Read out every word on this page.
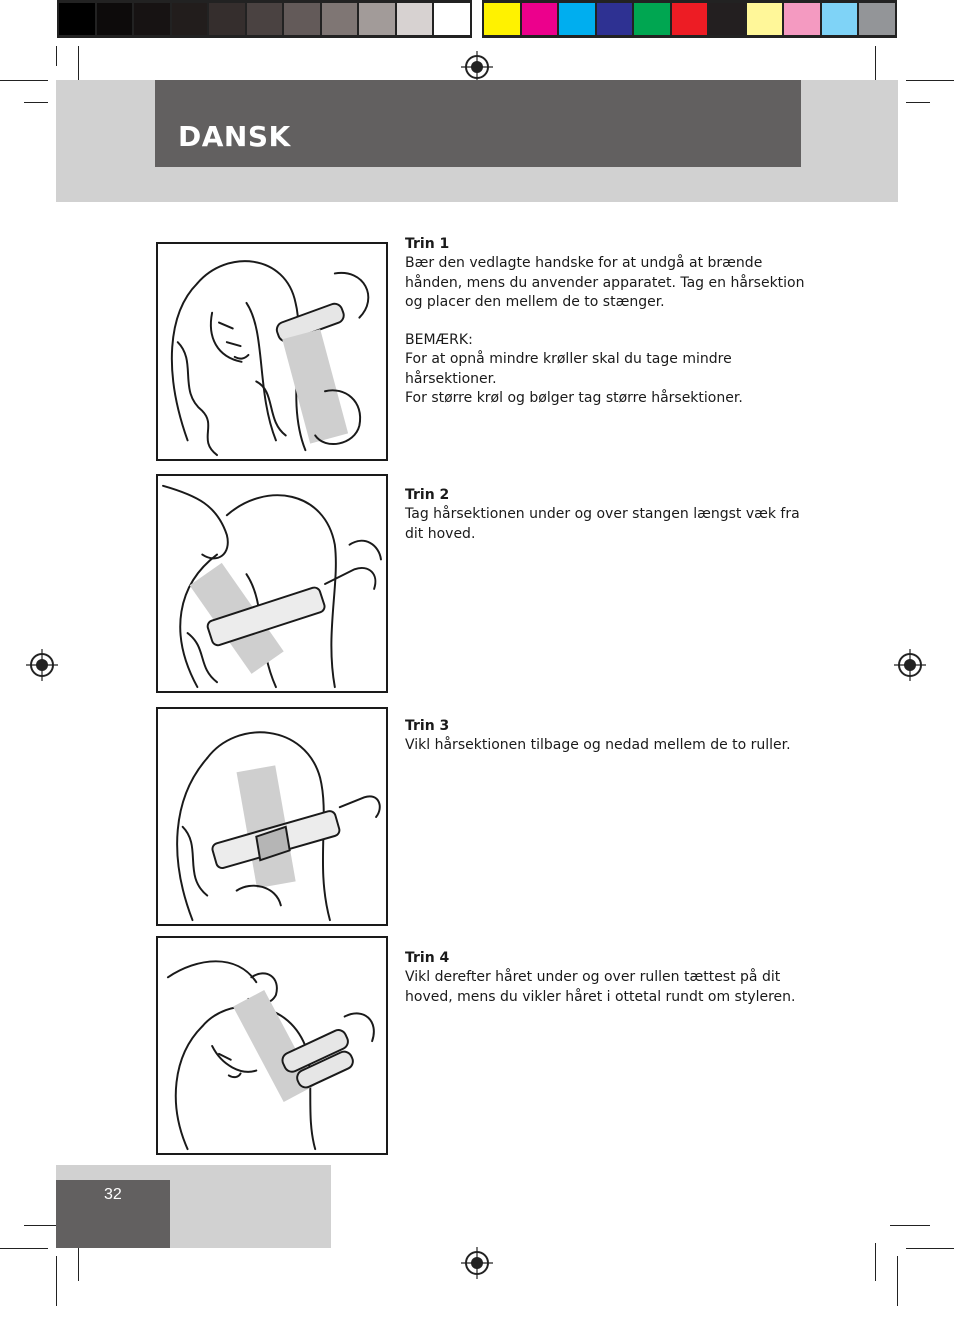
DANSK
Trin 1

Bær den vedlagte handske for at undgå at brænde hånden, mens du anvender apparatet. Tag en hårsektion og placer den mellem de to stænger.

BEMÆRK:

For at opnå mindre krøller skal du tage mindre hårsektioner.

For større krøl og bølger tag større hårsektioner.

Trin 2

Tag hårsektionen under og over stangen længst væk fra dit hoved.

Trin 3

Vikl hårsektionen tilbage og nedad mellem de to ruller.

Trin 4

Vikl derefter håret under og over rullen tættest på dit hoved, mens du vikler håret i ottetal rundt om styleren.

32
